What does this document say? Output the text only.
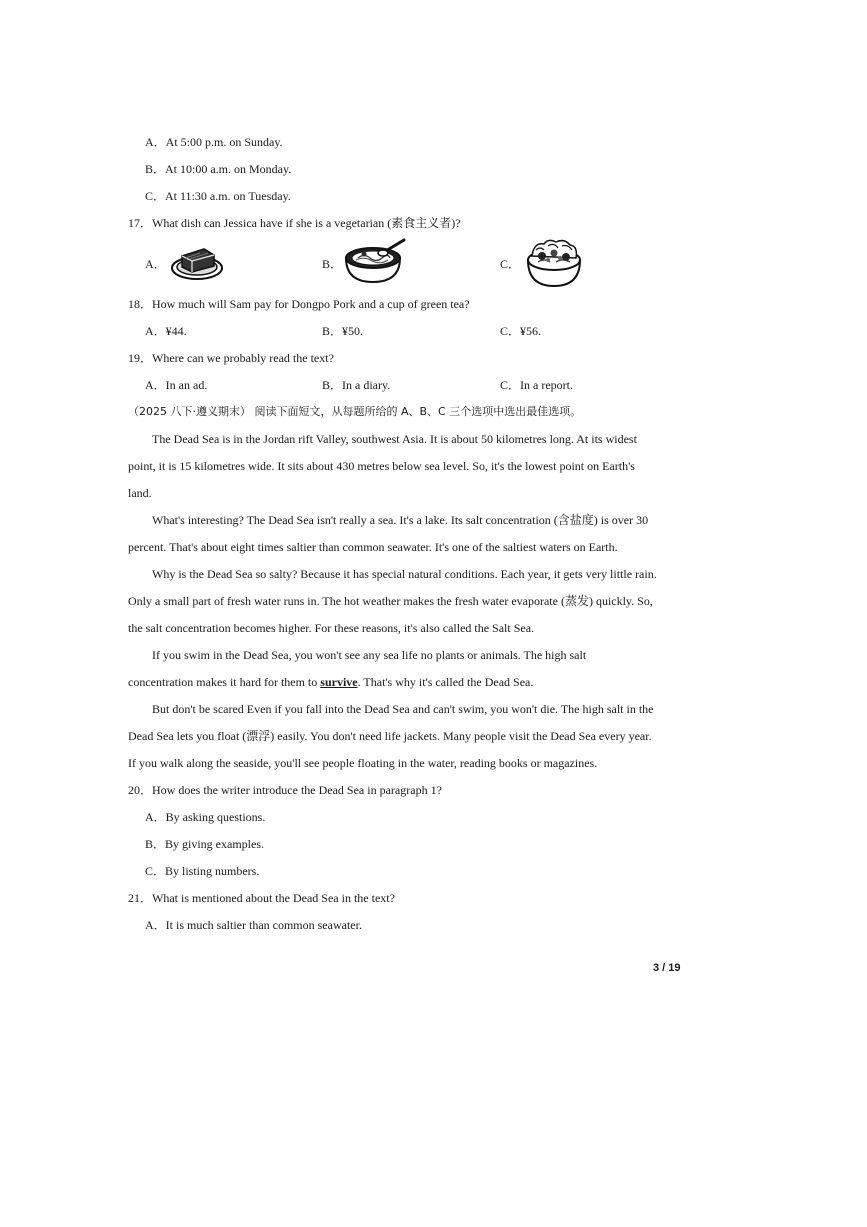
A．At 5:00 p.m. on Sunday.
B．At 10:00 a.m. on Monday.
C．At 11:30 a.m. on Tuesday.
17．What dish can Jessica have if she is a vegetarian (素食主义者)?
A．	B．	C．
18．How much will Sam pay for Dongpo Pork and a cup of green tea?
A．¥44.	B．¥50.	C．¥56.
19．Where can we probably read the text?
A．In an ad.	B．In a diary.	C．In a report.
（2025 八下·遵义期末） 阅读下面短文，从每题所给的 A、B、C 三个选项中选出最佳选项。
The Dead Sea is in the Jordan rift Valley, southwest Asia. It is about 50 kilometres long. At its widest
point, it is 15 kilometres wide. It sits about 430 metres below sea level. So, it's the lowest point on Earth's
land.
What's interesting? The Dead Sea isn't really a sea. It's a lake. Its salt concentration (含盐度) is over 30
percent. That's about eight times saltier than common seawater. It's one of the saltiest waters on Earth.
Why is the Dead Sea so salty? Because it has special natural conditions. Each year, it gets very little rain.
Only a small part of fresh water runs in. The hot weather makes the fresh water evaporate (蒸发) quickly. So,
the salt concentration becomes higher. For these reasons, it's also called the Salt Sea.
If you swim in the Dead Sea, you won't see any sea life no plants or animals. The high salt
concentration makes it hard for them to survive. That's why it's called the Dead Sea.
But don't be scared Even if you fall into the Dead Sea and can't swim, you won't die. The high salt in the
Dead Sea lets you float (漂浮) easily. You don't need life jackets. Many people visit the Dead Sea every year.
If you walk along the seaside, you'll see people floating in the water, reading books or magazines.
20．How does the writer introduce the Dead Sea in paragraph 1?
A．By asking questions.
B．By giving examples.
C．By listing numbers.
21．What is mentioned about the Dead Sea in the text?
A．It is much saltier than common seawater.
3 / 19
